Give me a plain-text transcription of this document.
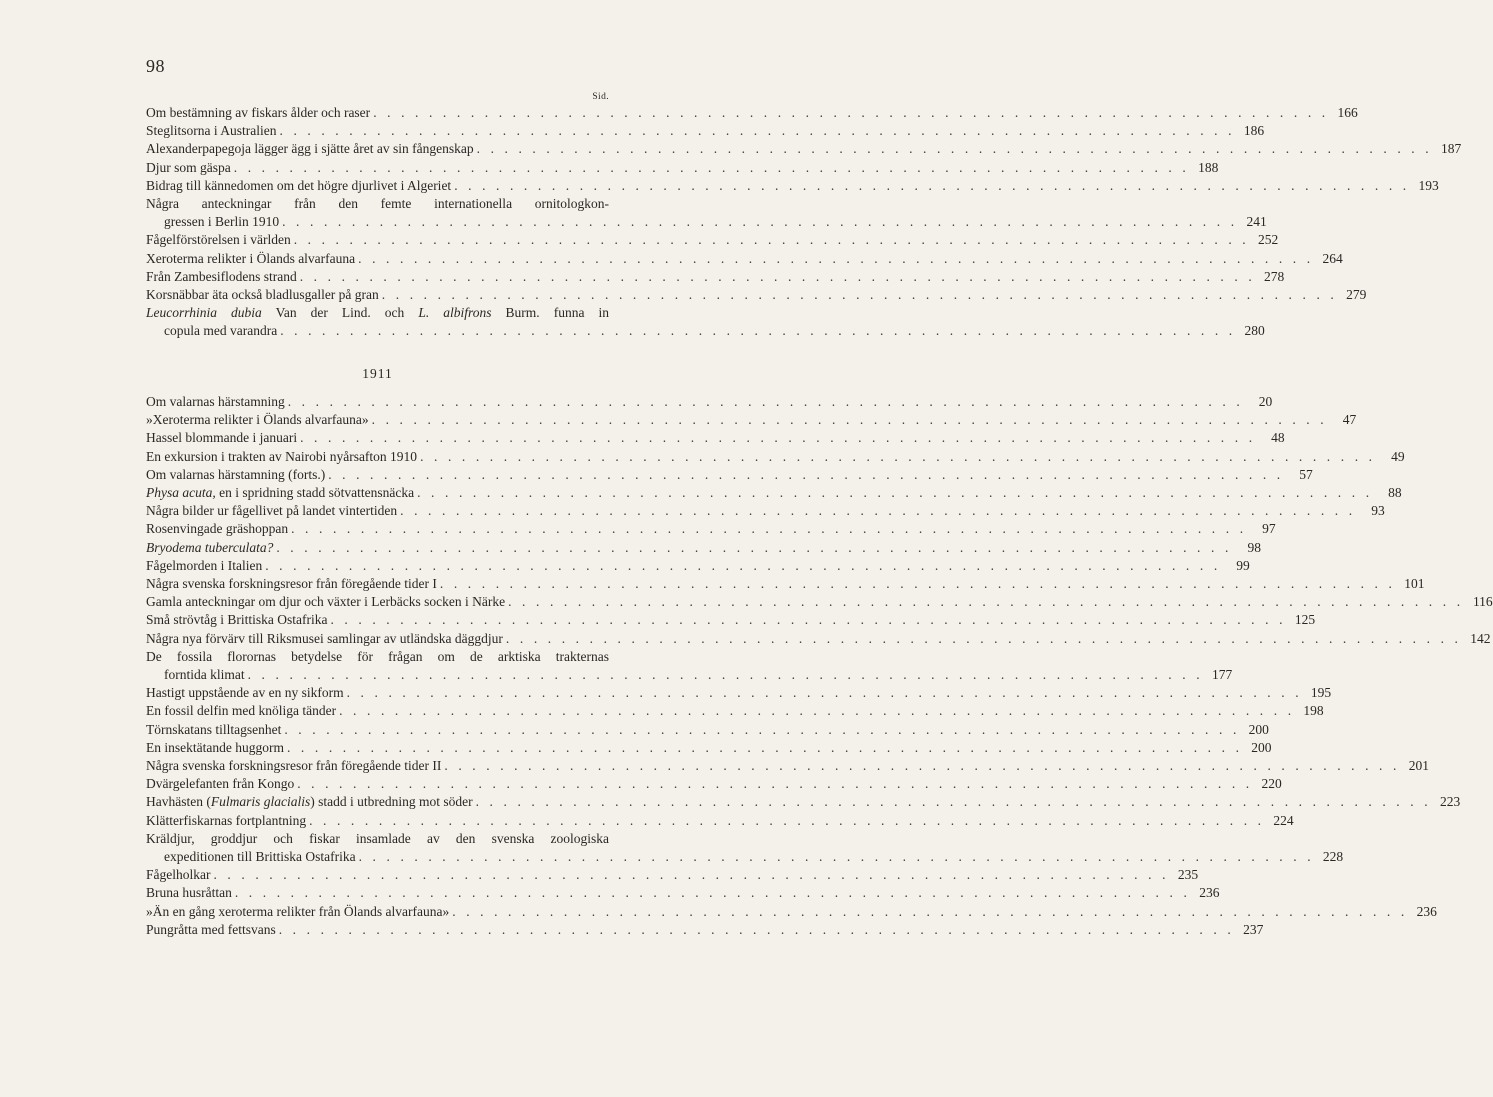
98
Sid.
Om bestämning av fiskars ålder och raser . . .	166
Steglitsorna i Australien . . .	186
Alexanderpapegoja lägger ägg i sjätte året av sin fångenskap . . .	187
Djur som gäspa . . .	188
Bidrag till kännedomen om det högre djurlivet i Algeriet . . .	193
Några anteckningar från den femte internationella ornitologkon-
gressen i Berlin 1910 . . .	241
Fågelförstörelsen i världen . . .	252
Xeroterma relikter i Ölands alvarfauna . . .	264
Från Zambesiflodens strand . . .	278
Korsnäbbar äta också bladlusgaller på gran . . .	279
Leucorrhinia dubia Van der Lind. och L. albifrons Burm. funna in
copula med varandra . . .	280
1911
Om valarnas härstamning . . .	20
»Xeroterma relikter i Ölands alvarfauna» . . .	47
Hassel blommande i januari . . .	48
En exkursion i trakten av Nairobi nyårsafton 1910 . . .	49
Om valarnas härstamning (forts.) . . .	57
Physa acuta, en i spridning stadd sötvattensnäcka . . .	88
Några bilder ur fågellivet på landet vintertiden . . .	93
Rosenvingade gräshoppan . . .	97
Bryodema tuberculata? . . .	98
Fågelmorden i Italien . . .	99
Några svenska forskningsresor från föregående tider I . . .	101
Gamla anteckningar om djur och växter i Lerbäcks socken i Närke . . .	116
Små strövtåg i Brittiska Ostafrika . . .	125
Några nya förvärv till Riksmusei samlingar av utländska däggdjur . . .	142
De fossila florornas betydelse för frågan om de arktiska trakternas
forntida klimat . . .	177
Hastigt uppstående av en ny sikform . . .	195
En fossil delfin med knöliga tänder . . .	198
Törnskatans tilltagsenhet . . .	200
En insektätande huggorm . . .	200
Några svenska forskningsresor från föregående tider II . . .	201
Dvärgelefanten från Kongo . . .	220
Havhästen (Fulmaris glacialis) stadd i utbredning mot söder . . .	223
Klätterfiskarnas fortplantning . . .	224
Kräldjur, groddjur och fiskar insamlade av den svenska zoologiska
expeditionen till Brittiska Ostafrika . . .	228
Fågelholkar . . .	235
Bruna husråttan . . .	236
»Än en gång xeroterma relikter från Ölands alvarfauna» . . .	236
Pungråtta med fettsvans . . .	237
